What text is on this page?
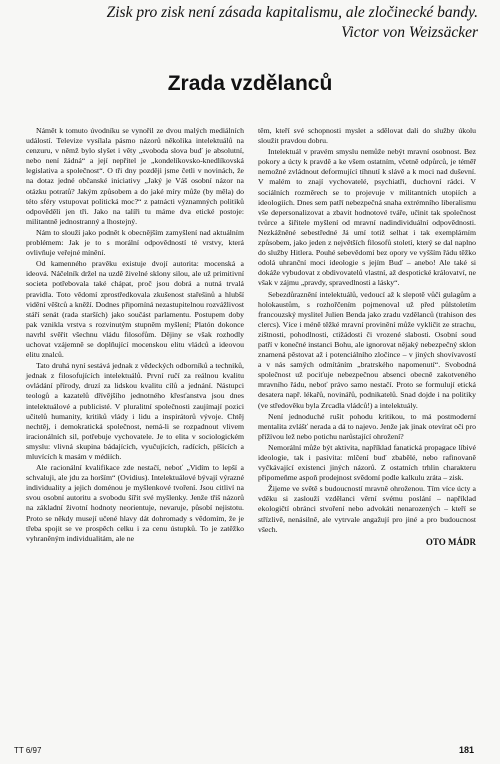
Zisk pro zisk není zásada kapitalismu, ale zločinecké bandy.
Victor von Weizsäcker
Zrada vzdělanců

Námět k tomuto úvodníku se vynořil ze dvou malých mediálních událostí. Televize vysílala pásmo názorů několika intelektuálů na cenzuru, v němž bylo slyšet i věty „svoboda slova buď je absolutní, nebo není žádná“ a její nepřítel je „kondelíkovsko-knedlíkovská legislativa a společnost“. O tři dny později jsme četli v novinách, že na dotaz jedné občanské iniciativy „Jaký je Váš osobní názor na otázku potratů? Jakým způsobem a do jaké míry může (by měla) do této sféry vstupovat politická moc?“ z patnácti významných politiků odpověděli jen tři. Jako na talíři tu máme dva etické postoje: militantně jednostranný a lhostejný.

Nám to slouží jako podnět k obecnějším zamyšlení nad aktuálním problémem: Jak je to s morální odpovědností té vrstvy, která ovlivňuje veřejné mínění.

Od kamenného pravěku existuje dvojí autorita: mocenská a ideová. Náčelník držel na uzdě živelné sklony silou, ale už primitivní societa potřebovala také chápat, proč jsou dobrá a nutná trvalá pravidla. Toto vědomí zprostředkovala zkušenost stařešinů a hlubší vidění věštců a kněží. Dodnes připomíná nezastupitelnou rozvážlivost stáří senát (rada starších) jako součást parlamentu. Postupem doby pak vznikla vrstva s rozvinutým stupněm myšlení; Platón dokonce navrhl svěřit všechnu vládu filosofům. Dějiny se však rozhodly uchovat vzájemně se doplňující mocenskou elitu vládců a ideovou elitu znalců.

Tato druhá nyní sestává jednak z vědeckých odborníků a techniků, jednak z filosofujících intelektuálů. První ručí za reálnou kvalitu ovládání přírody, druzí za lidskou kvalitu cílů a jednání. Nástupci teologů a kazatelů dřívějšího jednotného křesťanstva jsou dnes intelektuálové a publicisté. V pluralitní společnosti zaujímají pozici učitelů humanity, kritiků vlády i lidu a inspirátorů vývoje. Chtěj nechtěj, i demokratická společnost, nemá-li se rozpadnout vlivem iracionálních sil, potřebuje vychovatele. Je to elita v sociologickém smyslu: vlivná skupina bádajících, vyučujících, radících, píšících a mluvících k masám v médiích.

Ale racionální kvalifikace zde nestačí, neboť „Vidím to lepší a schvaluji, ale jdu za horším“ (Ovidius). Intelektuálové bývají výrazné individuality a jejich doménou je myšlenkové tvoření. Jsou citliví na svou osobní autoritu a svobodu šířit své myšlenky. Jenže třiš názorů na základní životní hodnoty neorientuje, nevaruje, působí nejistotu. Proto se někdy musejí učené hlavy dát dohromady s vědomím, že je třeba spojit se ve prospěch celku i za cenu ústupků. To je zatěžko vyhraněným individualitám, ale ne

těm, kteří své schopnosti myslet a sdělovat dali do služby úkolu sloužit pravdou dobru.

Intelektuál v pravém smyslu nemůže nebýt mravní osobnost. Bez pokory a úcty k pravdě a ke všem ostatním, včetně odpůrců, je téměř nemožné zvládnout deformující tíhnutí k slávě a k moci nad duševní. V malém to znají vychovatelé, psychiatři, duchovní rádci. V sociálních rozměrech se to projevuje v militantních utopiích a ideologiích. Dnes sem patří nebezpečná snaha extrémního liberalismu vše depersonalizovat a zbavit hodnotové tváře, učinit tak společnost tvůrce a šiřitele myšlení od mravní nadindividuální odpovědnosti. Nezkážněné sebestředné Já umí totiž selhat i tak exemplárním způsobem, jako jeden z největších filosofů století, který se dal naplno do služby Hitlera. Pouhé sebevědomí bez opory ve vyšším řádu těžko odolá uhranční moci ideologie s jejím Buď – anebo! Ale také si dokáže vybudovat z obdivovatelů vlastní, až despotické královatví, ne však v zájmu „pravdy, spravedlnosti a lásky“.

Sebezdůraznění intelektuálů, vedoucí až k slepotě vůči gulagům a holokaustům, s rozhořčením pojmenoval už před půlstoletím francouzský myslitel Julien Benda jako zradu vzdělanců (trahison des clercs). Více i méně těžké mravní provinění může vykličit ze strachu, zištnosti, pohodlnosti, ctižádosti či vrozené slabosti. Osobní soud patří v konečné instanci Bohu, ale ignorovat nějaký nebezpečný sklon znamená pěstovat až i potenciálního zločince – v jiných shovívavostí a v nás samých odmítáním „bratrského napomenutí“. Svobodná společnost už pociťuje nebezpečnou absenci obecně zakotveného mravního řádu, neboť právo samo nestačí. Proto se formulují etická desatera např. lékařů, novinářů, podnikatelů. Snad dojde i na politiky (ve středověku byla Zrcadla vládců!) a intelektuály.

Není jednoduché rušit pohodu kritikou, to má postmoderní mentalita zvlášť nerada a dá to najevo. Jenže jak jinak otevírat oči pro přížívou lež nebo potichu narůstající ohrožení?

Nemorální může být aktivita, například fanatická propagace líbivé ideologie, tak i pasivita: mlčení buď zbabělé, nebo rafinovaně vyčkávající existenci jiných názorů. Z ostatních trhlin charakteru připomeňme aspoň prodejnost svědomí podle kalkulu zráta – zisk.

Žijeme ve světě s budoucností mravně ohroženou. Tím více úcty a vděku si zaslouží vzdělanci věrní svému poslání – například ekologičtí obránci stvoření nebo advokáti nenarozených – kteří se střízlivě, nenásilně, ale vytrvale angažují pro jiné a pro budoucnost všech.

OTO MÁDR
TT 6/97	181
